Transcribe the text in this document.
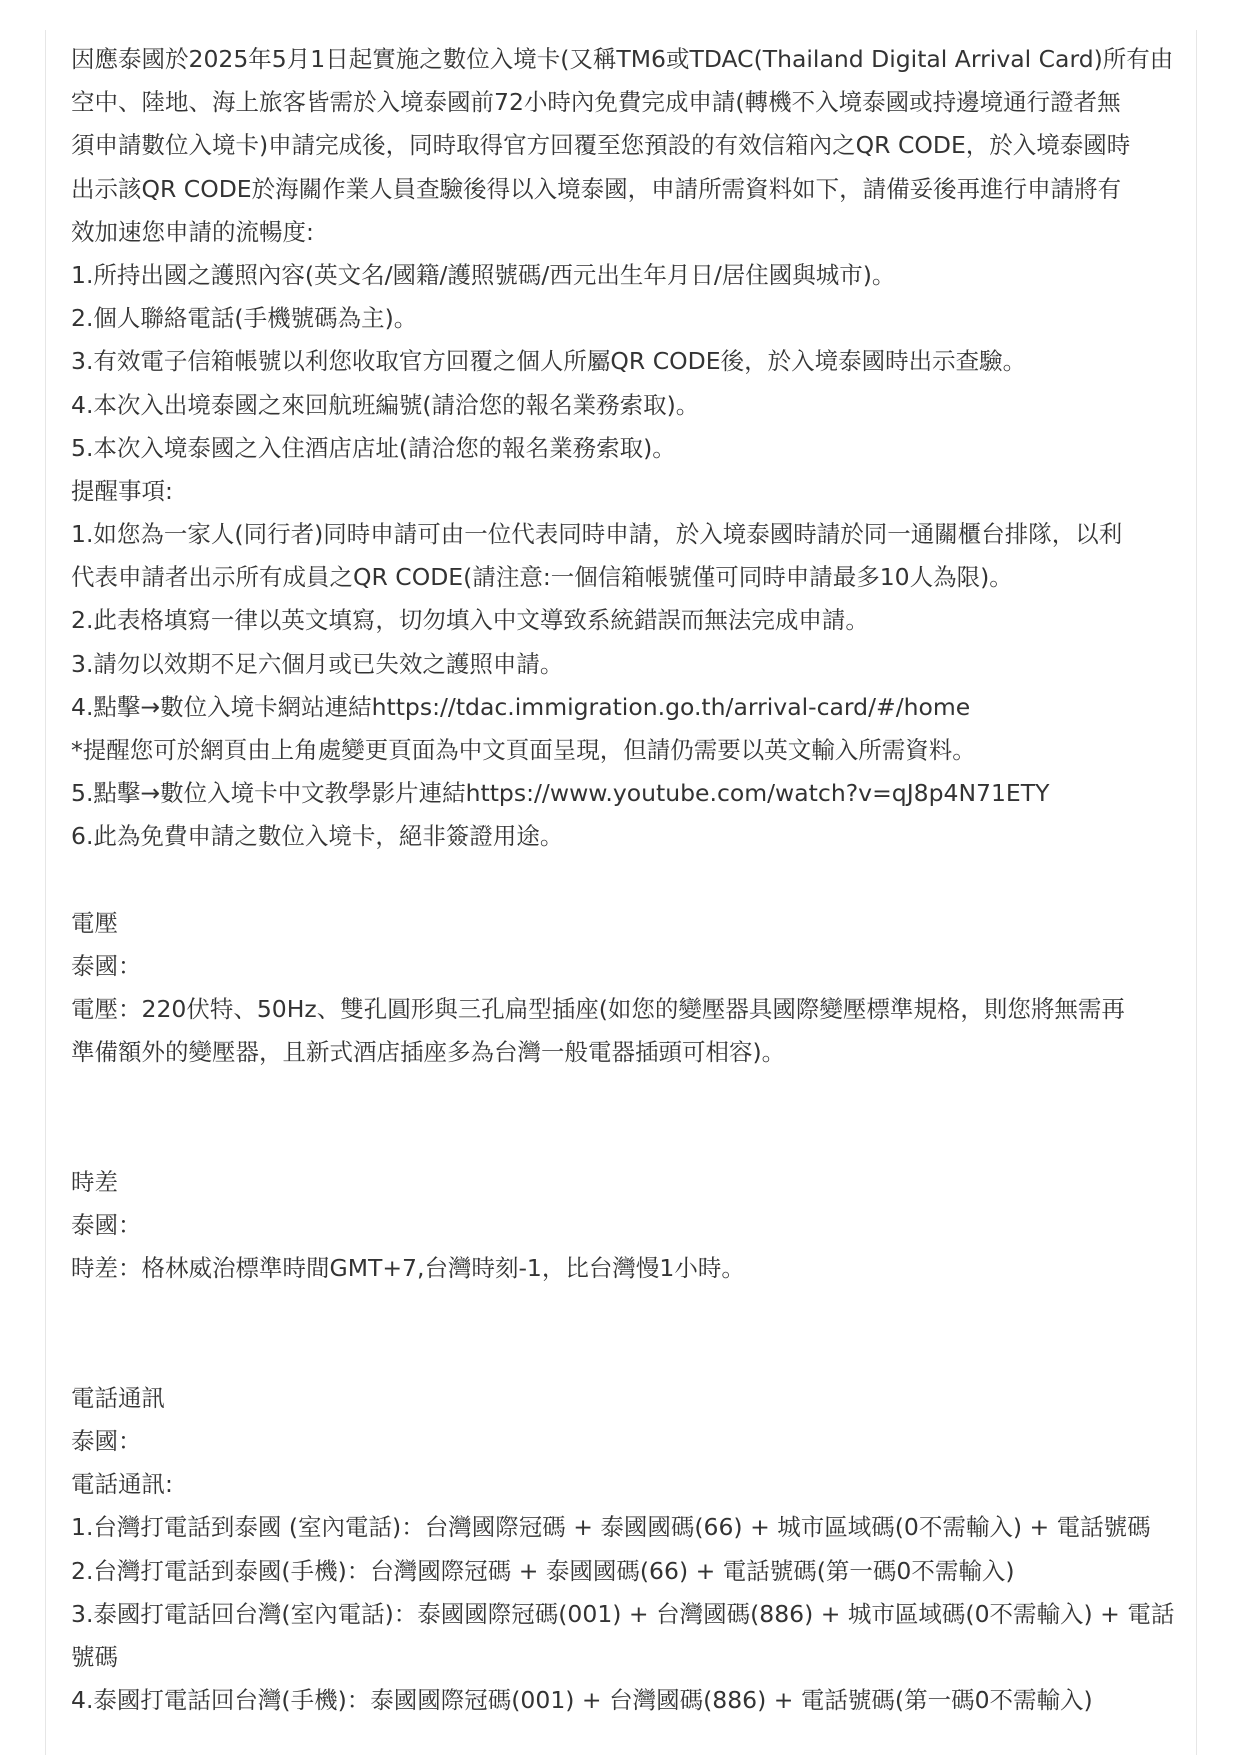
因應泰國於2025年5月1日起實施之數位入境卡(又稱TM6或TDAC(Thailand Digital Arrival Card)所有由
空中、陸地、海上旅客皆需於入境泰國前72小時內免費完成申請(轉機不入境泰國或持邊境通行證者無
須申請數位入境卡)申請完成後，同時取得官方回覆至您預設的有效信箱內之QR CODE，於入境泰國時
出示該QR CODE於海關作業人員查驗後得以入境泰國，申請所需資料如下，請備妥後再進行申請將有
效加速您申請的流暢度:
1.所持出國之護照內容(英文名/國籍/護照號碼/西元出生年月日/居住國與城市)。
2.個人聯絡電話(手機號碼為主)。
3.有效電子信箱帳號以利您收取官方回覆之個人所屬QR CODE後，於入境泰國時出示查驗。
4.本次入出境泰國之來回航班編號(請洽您的報名業務索取)。
5.本次入境泰國之入住酒店店址(請洽您的報名業務索取)。
提醒事項:
1.如您為一家人(同行者)同時申請可由一位代表同時申請，於入境泰國時請於同一通關櫃台排隊，以利
代表申請者出示所有成員之QR CODE(請注意:一個信箱帳號僅可同時申請最多10人為限)。
2.此表格填寫一律以英文填寫，切勿填入中文導致系統錯誤而無法完成申請。
3.請勿以效期不足六個月或已失效之護照申請。
4.點擊→數位入境卡網站連結https://tdac.immigration.go.th/arrival-card/#/home
*提醒您可於網頁由上角處變更頁面為中文頁面呈現，但請仍需要以英文輸入所需資料。
5.點擊→數位入境卡中文教學影片連結https://www.youtube.com/watch?v=qJ8p4N71ETY
6.此為免費申請之數位入境卡，絕非簽證用途。
電壓
泰國：
電壓：220伏特、50Hz、雙孔圓形與三孔扁型插座(如您的變壓器具國際變壓標準規格，則您將無需再
準備額外的變壓器，且新式酒店插座多為台灣一般電器插頭可相容)。
時差
泰國：
時差：格林威治標準時間GMT+7,台灣時刻-1，比台灣慢1小時。
電話通訊
泰國：
電話通訊:
1.台灣打電話到泰國 (室內電話)：台灣國際冠碼 + 泰國國碼(66) + 城市區域碼(0不需輸入) + 電話號碼
2.台灣打電話到泰國(手機)：台灣國際冠碼 + 泰國國碼(66) + 電話號碼(第一碼0不需輸入)
3.泰國打電話回台灣(室內電話)：泰國國際冠碼(001) + 台灣國碼(886) + 城市區域碼(0不需輸入) + 電話
號碼
4.泰國打電話回台灣(手機)：泰國國際冠碼(001) + 台灣國碼(886) + 電話號碼(第一碼0不需輸入)
